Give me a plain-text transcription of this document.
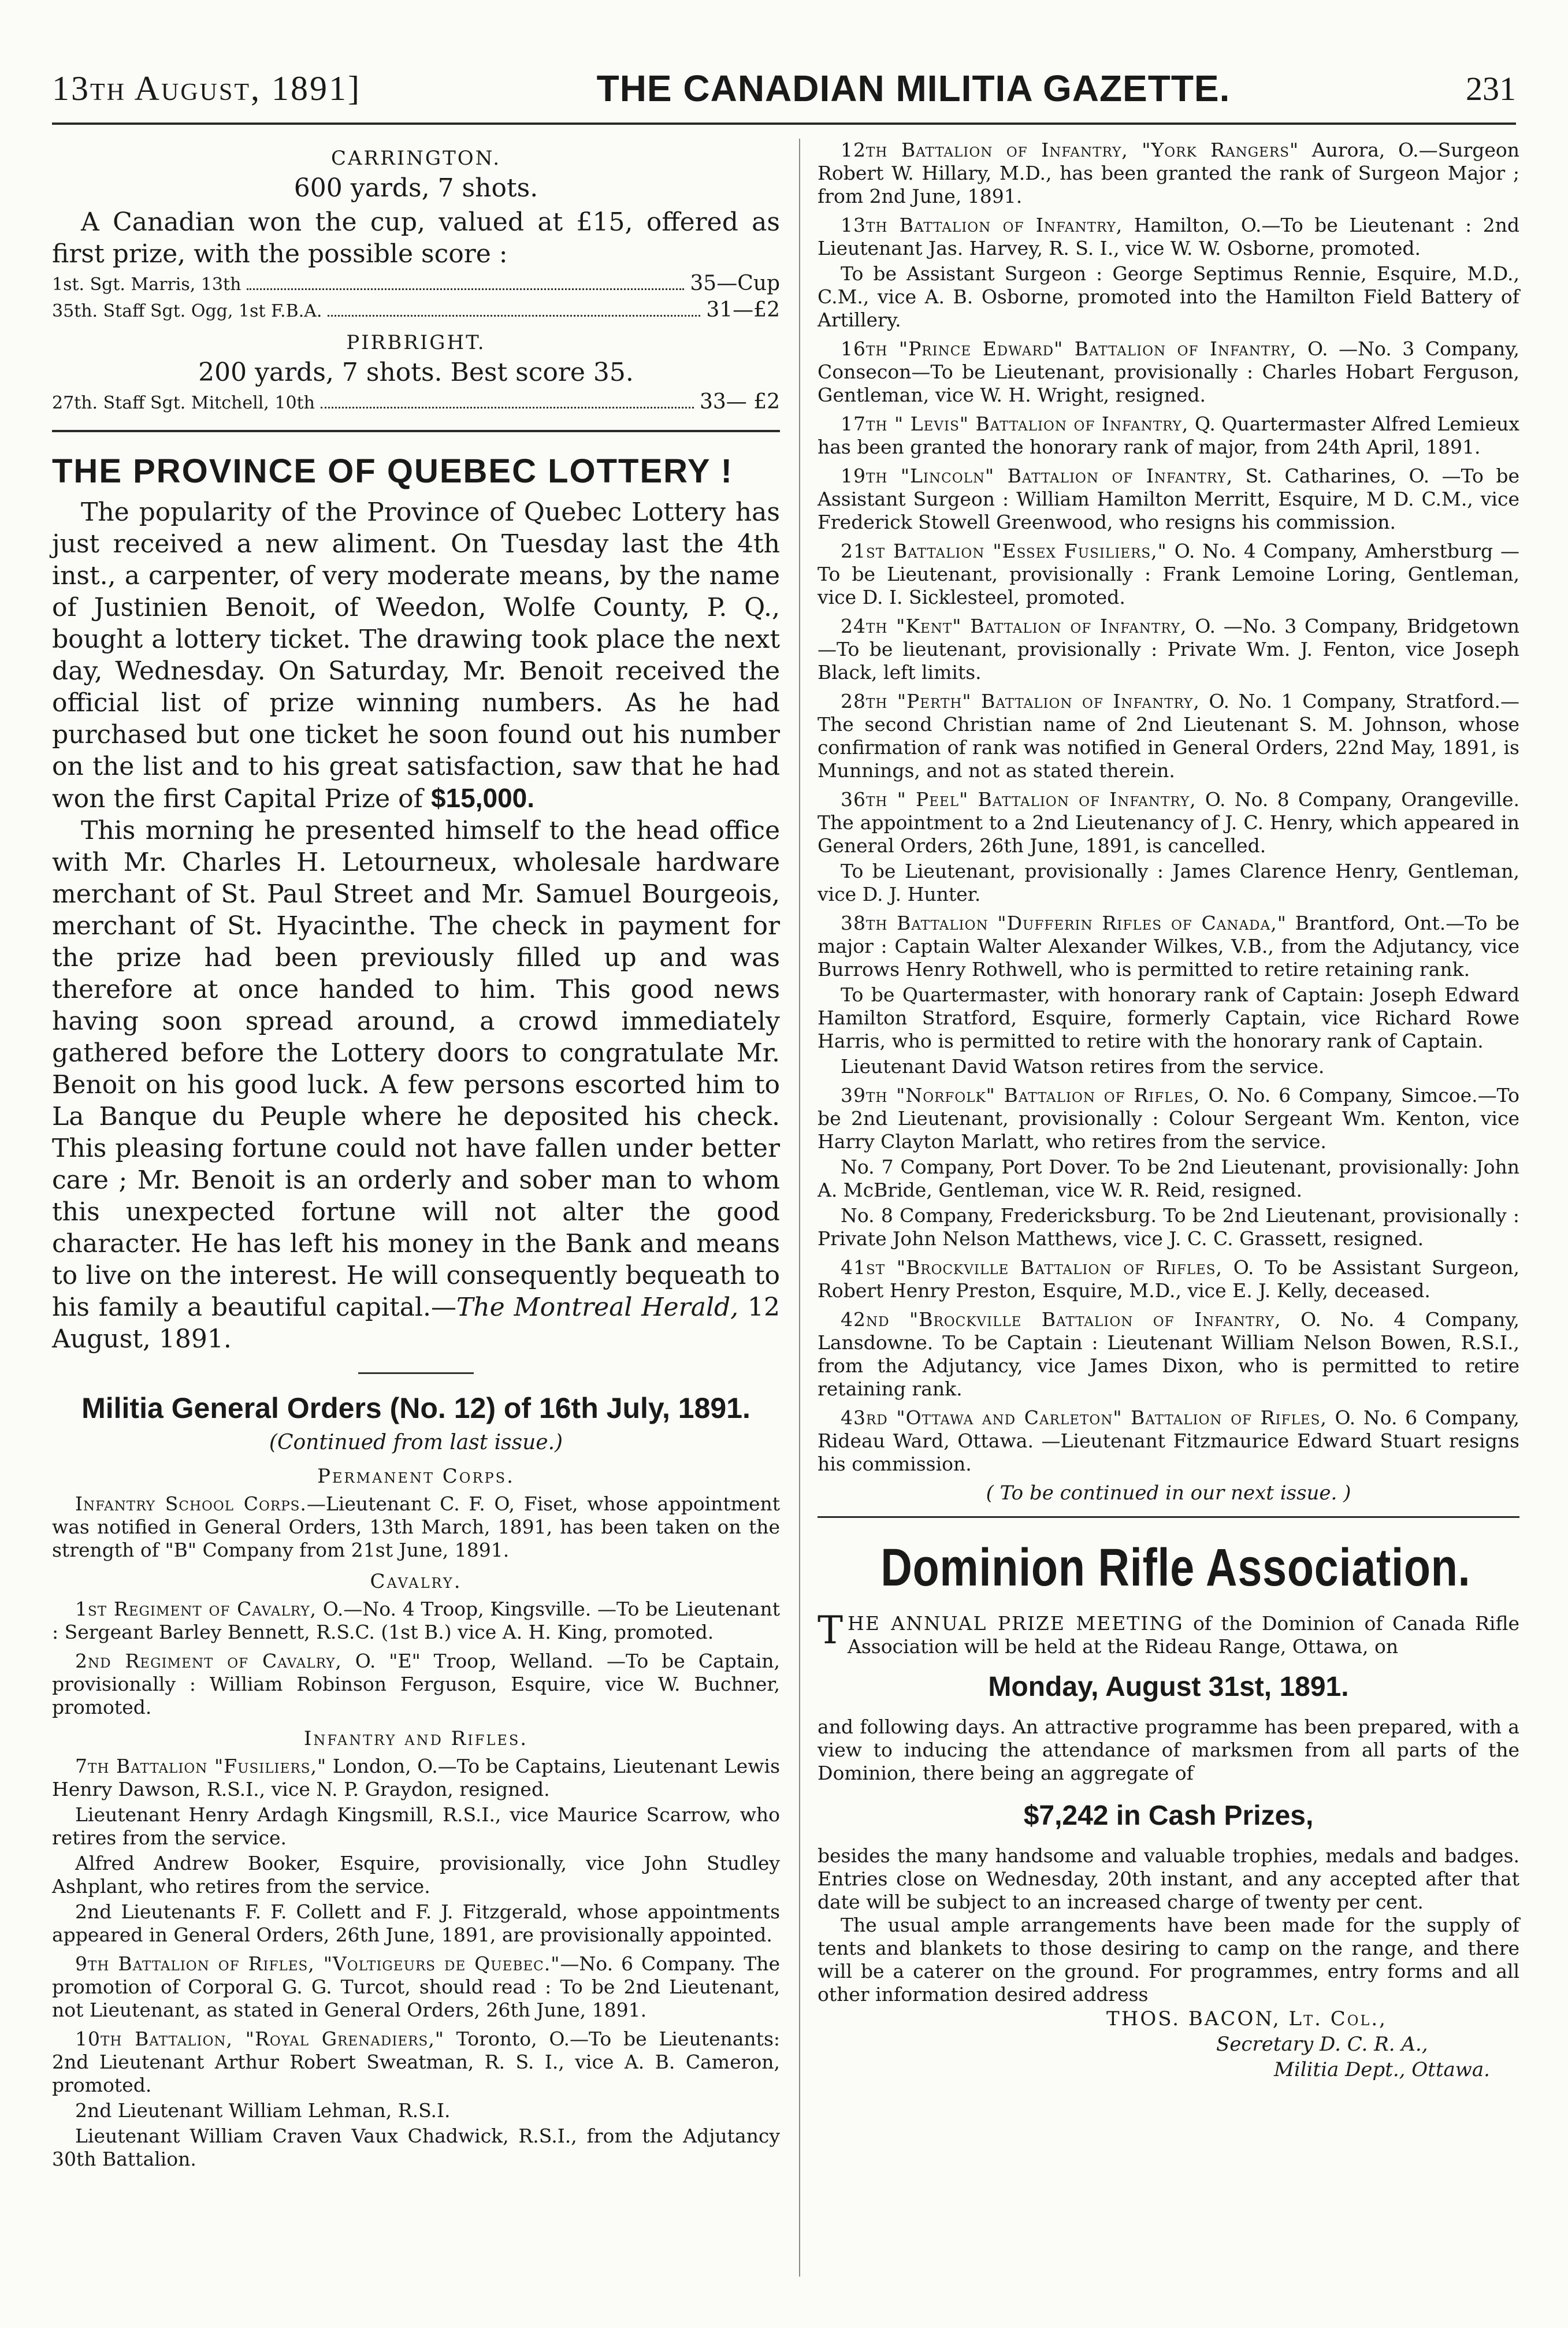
13th August, 1891]	THE CANADIAN MILITIA GAZETTE.	231

CARRINGTON.

600 yards, 7 shots.

A Canadian won the cup, valued at £15, offered as first prize, with the possible score :

1st. Sgt. Marris, 13th	35—Cup
35th. Staff Sgt. Ogg, 1st F.B.A.	31—£2

PIRBRIGHT.

200 yards, 7 shots. Best score 35.

27th. Staff Sgt. Mitchell, 10th	33— £2

THE PROVINCE OF QUEBEC LOTTERY !

The popularity of the Province of Quebec Lottery has just received a new aliment. On Tuesday last the 4th inst., a carpenter, of very moderate means, by the name of Justinien Benoit, of Weedon, Wolfe County, P. Q., bought a lottery ticket. The drawing took place the next day, Wednesday. On Saturday, Mr. Benoit received the official list of prize winning numbers. As he had purchased but one ticket he soon found out his number on the list and to his great satisfaction, saw that he had won the first Capital Prize of $15,000.

This morning he presented himself to the head office with Mr. Charles H. Letourneux, wholesale hardware merchant of St. Paul Street and Mr. Samuel Bourgeois, merchant of St. Hyacinthe. The check in payment for the prize had been previously filled up and was therefore at once handed to him. This good news having soon spread around, a crowd immediately gathered before the Lottery doors to congratulate Mr. Benoit on his good luck. A few persons escorted him to La Banque du Peuple where he deposited his check. This pleasing fortune could not have fallen under better care ; Mr. Benoit is an orderly and sober man to whom this unexpected fortune will not alter the good character. He has left his money in the Bank and means to live on the interest. He will consequently bequeath to his family a beautiful capital.—The Montreal Herald, 12 August, 1891.

Militia General Orders (No. 12) of 16th July, 1891.

(Continued from last issue.)

Permanent Corps.

Infantry School Corps.—Lieutenant C. F. O, Fiset, whose appointment was notified in General Orders, 13th March, 1891, has been taken on the strength of "B" Company from 21st June, 1891.

Cavalry.

1st Regiment of Cavalry, O.—No. 4 Troop, Kingsville. —To be Lieutenant : Sergeant Barley Bennett, R.S.C. (1st B.) vice A. H. King, promoted.

2nd Regiment of Cavalry, O. "E" Troop, Welland. —To be Captain, provisionally : William Robinson Ferguson, Esquire, vice W. Buchner, promoted.

Infantry and Rifles.

7th Battalion "Fusiliers," London, O.—To be Captains, Lieutenant Lewis Henry Dawson, R.S.I., vice N. P. Graydon, resigned.

Lieutenant Henry Ardagh Kingsmill, R.S.I., vice Maurice Scarrow, who retires from the service.

Alfred Andrew Booker, Esquire, provisionally, vice John Studley Ashplant, who retires from the service.

2nd Lieutenants F. F. Collett and F. J. Fitzgerald, whose appointments appeared in General Orders, 26th June, 1891, are provisionally appointed.

9th Battalion of Rifles, "Voltigeurs de Quebec."—No. 6 Company. The promotion of Corporal G. G. Turcot, should read : To be 2nd Lieutenant, not Lieutenant, as stated in General Orders, 26th June, 1891.

10th Battalion, "Royal Grenadiers," Toronto, O.—To be Lieutenants: 2nd Lieutenant Arthur Robert Sweatman, R. S. I., vice A. B. Cameron, promoted.

2nd Lieutenant William Lehman, R.S.I.

Lieutenant William Craven Vaux Chadwick, R.S.I., from the Adjutancy 30th Battalion.

12th Battalion of Infantry, "York Rangers" Aurora, O.—Surgeon Robert W. Hillary, M.D., has been granted the rank of Surgeon Major ; from 2nd June, 1891.

13th Battalion of Infantry, Hamilton, O.—To be Lieutenant : 2nd Lieutenant Jas. Harvey, R. S. I., vice W. W. Osborne, promoted.

To be Assistant Surgeon : George Septimus Rennie, Esquire, M.D., C.M., vice A. B. Osborne, promoted into the Hamilton Field Battery of Artillery.

16th "Prince Edward" Battalion of Infantry, O. —No. 3 Company, Consecon—To be Lieutenant, provisionally : Charles Hobart Ferguson, Gentleman, vice W. H. Wright, resigned.

17th " Levis" Battalion of Infantry, Q. Quartermaster Alfred Lemieux has been granted the honorary rank of major, from 24th April, 1891.

19th "Lincoln" Battalion of Infantry, St. Catharines, O. —To be Assistant Surgeon : William Hamilton Merritt, Esquire, M D. C.M., vice Frederick Stowell Greenwood, who resigns his commission.

21st Battalion "Essex Fusiliers," O. No. 4 Company, Amherstburg —To be Lieutenant, provisionally : Frank Lemoine Loring, Gentleman, vice D. I. Sicklesteel, promoted.

24th "Kent" Battalion of Infantry, O. —No. 3 Company, Bridgetown —To be lieutenant, provisionally : Private Wm. J. Fenton, vice Joseph Black, left limits.

28th "Perth" Battalion of Infantry, O. No. 1 Company, Stratford.—The second Christian name of 2nd Lieutenant S. M. Johnson, whose confirmation of rank was notified in General Orders, 22nd May, 1891, is Munnings, and not as stated therein.

36th " Peel" Battalion of Infantry, O. No. 8 Company, Orangeville. The appointment to a 2nd Lieutenancy of J. C. Henry, which appeared in General Orders, 26th June, 1891, is cancelled.

To be Lieutenant, provisionally : James Clarence Henry, Gentleman, vice D. J. Hunter.

38th Battalion "Dufferin Rifles of Canada," Brantford, Ont.—To be major : Captain Walter Alexander Wilkes, V.B., from the Adjutancy, vice Burrows Henry Rothwell, who is permitted to retire retaining rank.

To be Quartermaster, with honorary rank of Captain: Joseph Edward Hamilton Stratford, Esquire, formerly Captain, vice Richard Rowe Harris, who is permitted to retire with the honorary rank of Captain.

Lieutenant David Watson retires from the service.

39th "Norfolk" Battalion of Rifles, O. No. 6 Company, Simcoe.—To be 2nd Lieutenant, provisionally : Colour Sergeant Wm. Kenton, vice Harry Clayton Marlatt, who retires from the service.

No. 7 Company, Port Dover. To be 2nd Lieutenant, provisionally: John A. McBride, Gentleman, vice W. R. Reid, resigned.

No. 8 Company, Fredericksburg. To be 2nd Lieutenant, provisionally : Private John Nelson Matthews, vice J. C. C. Grassett, resigned.

41st "Brockville Battalion of Rifles, O. To be Assistant Surgeon, Robert Henry Preston, Esquire, M.D., vice E. J. Kelly, deceased.

42nd "Brockville Battalion of Infantry, O. No. 4 Company, Lansdowne. To be Captain : Lieutenant William Nelson Bowen, R.S.I., from the Adjutancy, vice James Dixon, who is permitted to retire retaining rank.

43rd "Ottawa and Carleton" Battalion of Rifles, O. No. 6 Company, Rideau Ward, Ottawa. —Lieutenant Fitzmaurice Edward Stuart resigns his commission.

( To be continued in our next issue. )

Dominion Rifle Association.

THE ANNUAL PRIZE MEETING of the Dominion of Canada Rifle Association will be held at the Rideau Range, Ottawa, on

Monday, August 31st, 1891.

and following days. An attractive programme has been prepared, with a view to inducing the attendance of marksmen from all parts of the Dominion, there being an aggregate of

$7,242 in Cash Prizes,

besides the many handsome and valuable trophies, medals and badges. Entries close on Wednesday, 20th instant, and any accepted after that date will be subject to an increased charge of twenty per cent.

The usual ample arrangements have been made for the supply of tents and blankets to those desiring to camp on the range, and there will be a caterer on the ground. For programmes, entry forms and all other information desired address

THOS. BACON, Lt. Col.,
Secretary D. C. R. A.,
Militia Dept., Ottawa.
